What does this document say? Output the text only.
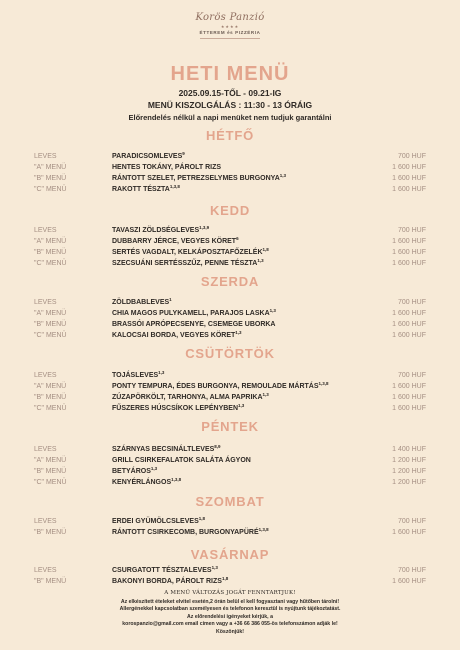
Korös Panzió
★★★★
ÉTTEREM és PIZZÉRIA
HETI MENÜ
2025.09.15-TŐL - 09.21-IG
MENÜ KISZOLGÁLÁS : 11:30 - 13 ÓRÁIG
Előrendelés nélkül a napi menüket nem tudjuk garantálni
HÉTFŐ
LEVES	PARADICSOMLEVES$^9$	700 HUF
"A" MENÜ	HENTES TOKÁNY, PÁROLT RIZS	1 600 HUF
"B" MENÜ	RÁNTOTT SZELET, PETREZSELYMES BURGONYA$^{1,3}$	1 600 HUF
"C" MENÜ	RAKOTT TÉSZTA$^{1,3,8}$	1 600 HUF
KEDD
LEVES	TAVASZI ZÖLDSÉGLEVES$^{1,3,9}$	700 HUF
"A" MENÜ	DUBBARRY JÉRCE, VEGYES KÖRET$^6$	1 600 HUF
"B" MENÜ	SERTÉS VAGDALT, KELKÁPOSZTAFŐZELÉK$^{1,8}$	1 600 HUF
"C" MENÜ	SZECSUÁNI SERTÉSSZŰZ, PENNE TÉSZTA$^{1,3}$	1 600 HUF
SZERDA
LEVES	ZÖLDBABLEVES$^1$	700 HUF
"A" MENÜ	CHIA MAGOS PULYKAMELL, PARAJOS LASKA$^{1,3}$	1 600 HUF
"B" MENÜ	BRASSÓI APRÓPECSENYE, CSEMEGE UBORKA	1 600 HUF
"C" MENÜ	KALOCSAI BORDA, VEGYES KÖRET$^{1,3}$	1 600 HUF
CSÜTÖRTÖK
LEVES	TOJÁSLEVES$^{1,3}$	700 HUF
"A" MENÜ	PONTY TEMPURA, ÉDES BURGONYA, REMOULADE MÁRTÁS$^{1,3,8}$	1 600 HUF
"B" MENÜ	ZÚZAPÖRKÖLT, TARHONYA, ALMA PAPRIKA$^{1,3}$	1 600 HUF
"C" MENÜ	FŰSZERES HÚSCSÍKOK LEPÉNYBEN$^{1,3}$	1 600 HUF
PÉNTEK
LEVES	SZÁRNYAS BECSINÁLTLEVES$^{8,9}$	1 400 HUF
"A" MENÜ	GRILL CSIRKEFALATOK SALÁTA ÁGYON	1 200 HUF
"B" MENÜ	BETYÁROS$^{1,3}$	1 200 HUF
"C" MENÜ	KENYÉRLÁNGOS$^{1,3,8}$	1 200 HUF
SZOMBAT
LEVES	ERDEI GYÜMÖLCSLEVES$^{1,8}$	700 HUF
"B" MENÜ	RÁNTOTT CSIRKECOMB, BURGONYAPÜRÉ$^{1,3,8}$	1 600 HUF
VASÁRNAP
LEVES	CSURGATOTT TÉSZTALEVES$^{1,3}$	700 HUF
"B" MENÜ	BAKONYI BORDA, PÁROLT RIZS$^{1,8}$	1 600 HUF
A MENÜ VÁLTOZÁS JOGÁT FENNTARTJUK!
Az elkészített ételeket elvitel esetén,2 órán belül el kell fogyasztani vagy hűtőben tárolni!
Allergénekkel kapcsolatban személyesen és telefonon keresztül is nyújtunk tájékoztatást.
Az előrendelési igényeket kérjük, a
korospanzio@gmail.com email címen vagy a +36 66 386 055-ös telefonszámon adják le!
Köszönjük!
